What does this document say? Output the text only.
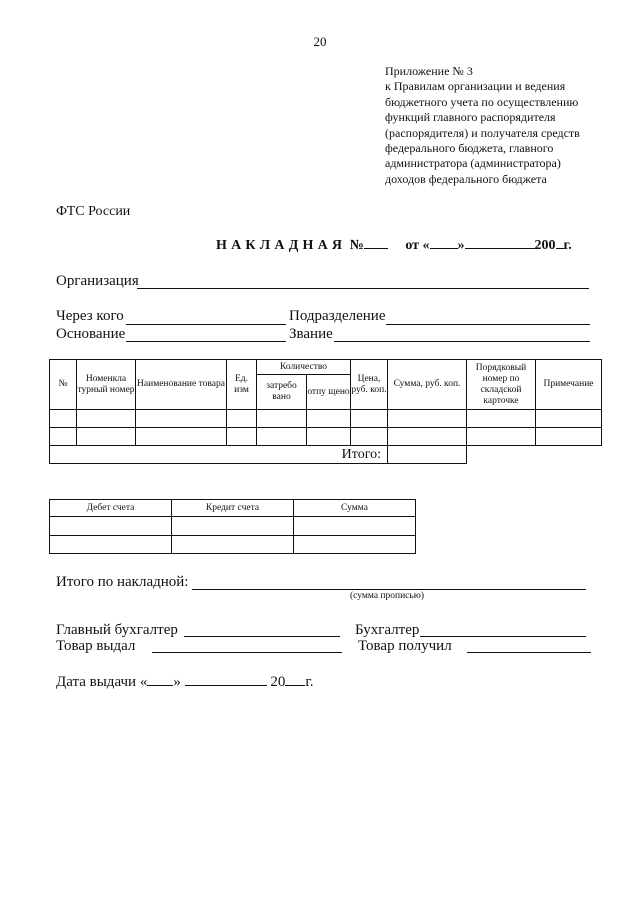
20
Приложение № 3
к Правилам организации и ведения
бюджетного учета по осуществлению
функций главного распорядителя
(распорядителя) и получателя средств
федерального бюджета, главного
администратора (администратора)
доходов федерального бюджета
ФТС России
НАКЛАДНАЯ №	от « »	200 г.
Организация
Через кого	Подразделение
Основание	Звание
№	Номенкла турный номер	Наименование товара	Ед. изм	Количество		Цена, руб. коп.	Сумма, руб. коп.	Порядковый номер по складской карточке	Примечание
				затребо вано	отпу щено				

Итого:									
Дебет счета	Кредит счета	Сумма

Итого по накладной:
(сумма прописью)
Главный бухгалтер	Бухгалтер
Товар выдал	Товар получил
Дата выдачи « »	20 г.
